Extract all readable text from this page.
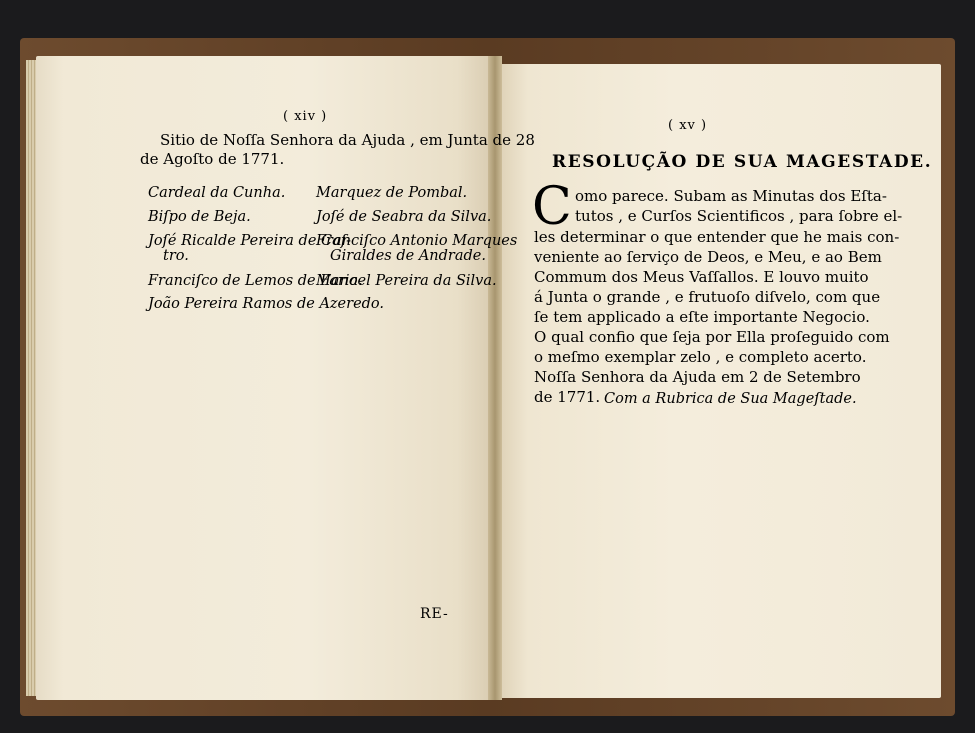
( xiv )
Sitio de Noſſa Senhora da Ajuda , em Junta de 28
de Agoſto de 1771.
Cardeal da Cunha. Marquez de Pombal.
Biſpo de Beja.	Joſé de Seabra da Silva.
Joſé Ricalde Pereira de Caſ-
Franciſco Antonio Marques
tro.	Giraldes de Andrade.
Franciſco de Lemos de Faria.
Manoel Pereira da Silva.
João Pereira Ramos de Azeredo.
RE-
( xv )
RESOLUÇÃO DE SUA MAGESTADE.
C omo parece. Subam as Minutas dos Eſta-
tutos , e Curſos Scientificos , para ſobre el-
les determinar o que entender que he mais con-
veniente ao ſerviço de Deos, e Meu, e ao Bem
Commum dos Meus Vaſſallos. E louvo muito
á Junta o grande , e frutuoſo diſvelo, com que
ſe tem applicado a eſte importante Negocio.
O qual confio que ſeja por Ella proſeguido com
o meſmo exemplar zelo , e completo acerto.
Noſſa Senhora da Ajuda em 2 de Setembro
de 1771. Com a Rubrica de Sua Mageſtade.
